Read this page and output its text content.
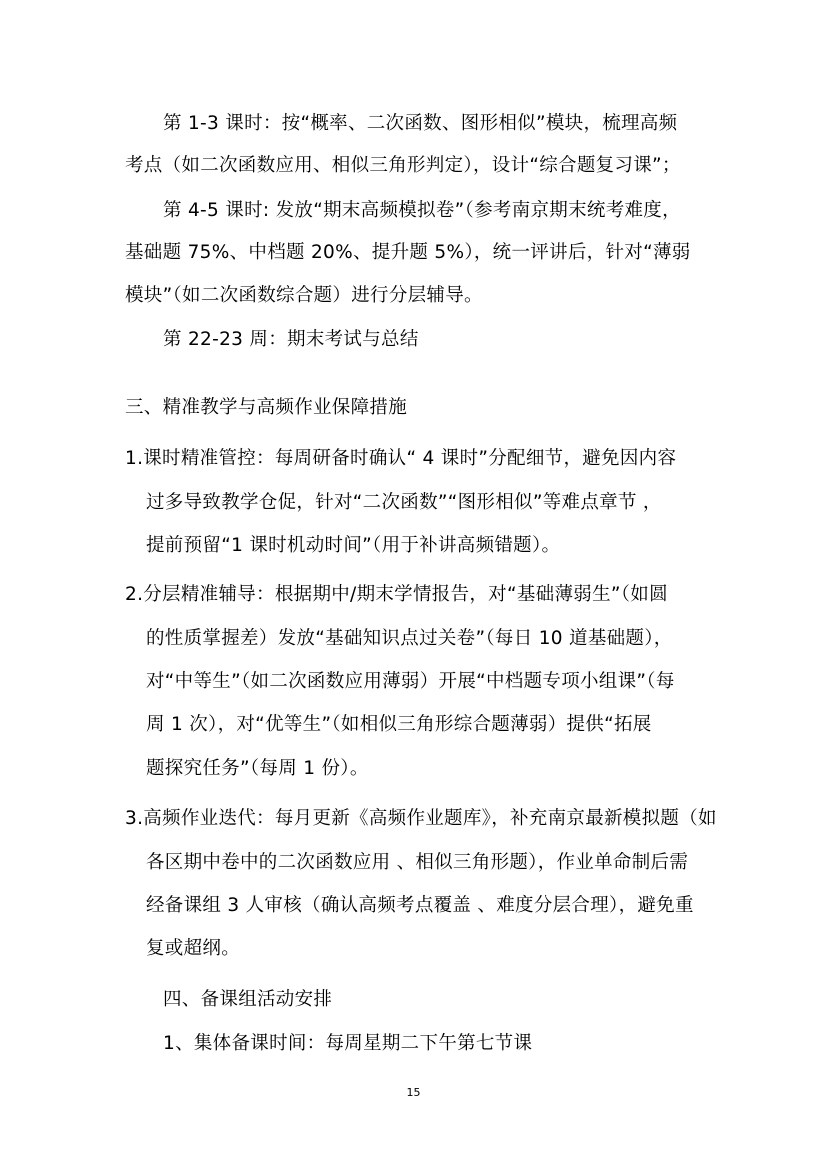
第 1-3 课时：按“概率、二次函数、图形相似”模块，梳理高频
考点（如二次函数应用、相似三角形判定），设计“综合题复习课”；
第 4-5 课时: 发放“期末高频模拟卷”（参考南京期末统考难度，
基础题 75%、中档题 20%、提升题 5%），统一评讲后，针对“薄弱
模块”（如二次函数综合题）进行分层辅导。
第 22-23 周：期末考试与总结
三、精准教学与高频作业保障措施
1.课时精准管控：每周研备时确认“ 4 课时”分配细节，避免因内容
过多导致教学仓促，针对“二次函数”“图形相似”等难点章节 ，
提前预留“1 课时机动时间”（用于补讲高频错题）。
2.分层精准辅导：根据期中/期末学情报告，对“基础薄弱生”（如圆
的性质掌握差）发放“基础知识点过关卷”（每日 10 道基础题），
对“中等生”（如二次函数应用薄弱）开展“中档题专项小组课”（每
周 1 次），对“优等生”（如相似三角形综合题薄弱）提供“拓展
题探究任务”（每周 1 份）。
3.高频作业迭代：每月更新《高频作业题库》，补充南京最新模拟题（如
各区期中卷中的二次函数应用 、相似三角形题），作业单命制后需
经备课组 3 人审核（确认高频考点覆盖 、难度分层合理），避免重
复或超纲。
四、备课组活动安排
1、集体备课时间：每周星期二下午第七节课
15
